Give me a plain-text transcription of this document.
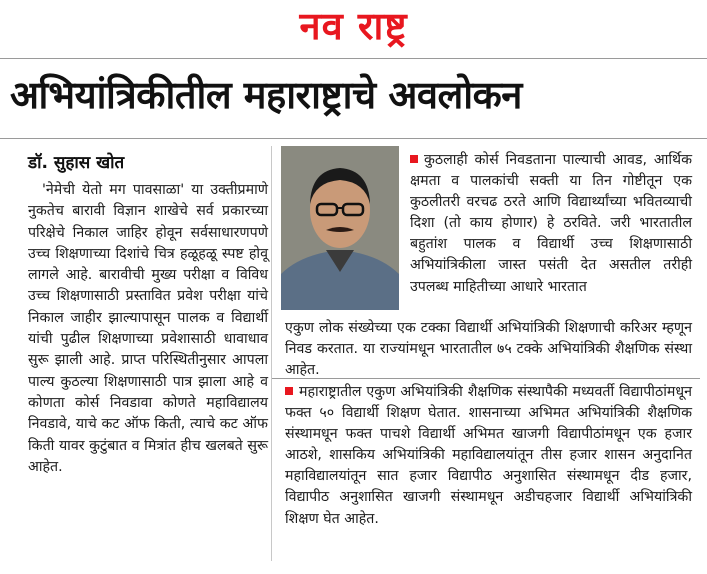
नव राष्ट्र
अभियांत्रिकीतील महाराष्ट्राचे अवलोकन
डॉ. सुहास खोत

'नेमेची येतो मग पावसाळा' या उक्तीप्रमाणे नुकतेच बारावी विज्ञान शाखेचे सर्व प्रकारच्या परिक्षेचे निकाल जाहिर होवून सर्वसाधारणपणे उच्च शिक्षणाच्या दिशांचे चित्र हळूहळू स्पष्ट होवू लागले आहे. बारावीची मुख्य परीक्षा व विविध उच्च शिक्षणासाठी प्रस्तावित प्रवेश परीक्षा यांचे निकाल जाहीर झाल्यापासून पालक व विद्यार्थी यांची पुढील शिक्षणाच्या प्रवेशासाठी धावाधाव सुरू झाली आहे. प्राप्त परिस्थितीनुसार आपला पाल्य कुठल्या शिक्षणासाठी पात्र झाला आहे व कोणता कोर्स निवडावा कोणते महाविद्यालय निवडावे, याचे कट ऑफ किती, त्याचे कट ऑफ किती यावर कुटुंबात व मित्रांत हीच खलबते सुरू आहेत.

कुठलाही कोर्स निवडताना पाल्याची आवड, आर्थिक क्षमता व पालकांची सक्ती या तिन गोष्टीतून एक कुठलीतरी वरचढ ठरते आणि विद्यार्थ्यांच्या भवितव्याची दिशा (तो काय होणार) हे ठरविते. जरी भारतातील बहुतांश पालक व विद्यार्थी उच्च शिक्षणासाठी अभियांत्रिकीला जास्त पसंती देत असतील तरीही उपलब्ध माहितीच्या आधारे भारतात
एकुण लोक संख्येच्या एक टक्का विद्यार्थी अभियांत्रिकी शिक्षणाची करिअर म्हणून निवड करतात. या राज्यांमधून भारतातील ७५ टक्के अभियांत्रिकी शैक्षणिक संस्था आहेत.
महाराष्ट्रातील एकुण अभियांत्रिकी शैक्षणिक संस्थापैकी मध्यवर्ती विद्यापीठांमधून फक्त ५० विद्यार्थी शिक्षण घेतात. शासनाच्या अभिमत अभियांत्रिकी शैक्षणिक संस्थामधून फक्त पाचशे विद्यार्थी अभिमत खाजगी विद्यापीठांमधून एक हजार आठशे, शासकिय अभियांत्रिकी महाविद्यालयांतून तीस हजार शासन अनुदानित महाविद्यालयांतून सात हजार विद्यापीठ अनुशासित संस्थामधून दीड हजार, विद्यापीठ अनुशासित खाजगी संस्थामधून अडीचहजार विद्यार्थी अभियांत्रिकी शिक्षण घेत आहेत.
